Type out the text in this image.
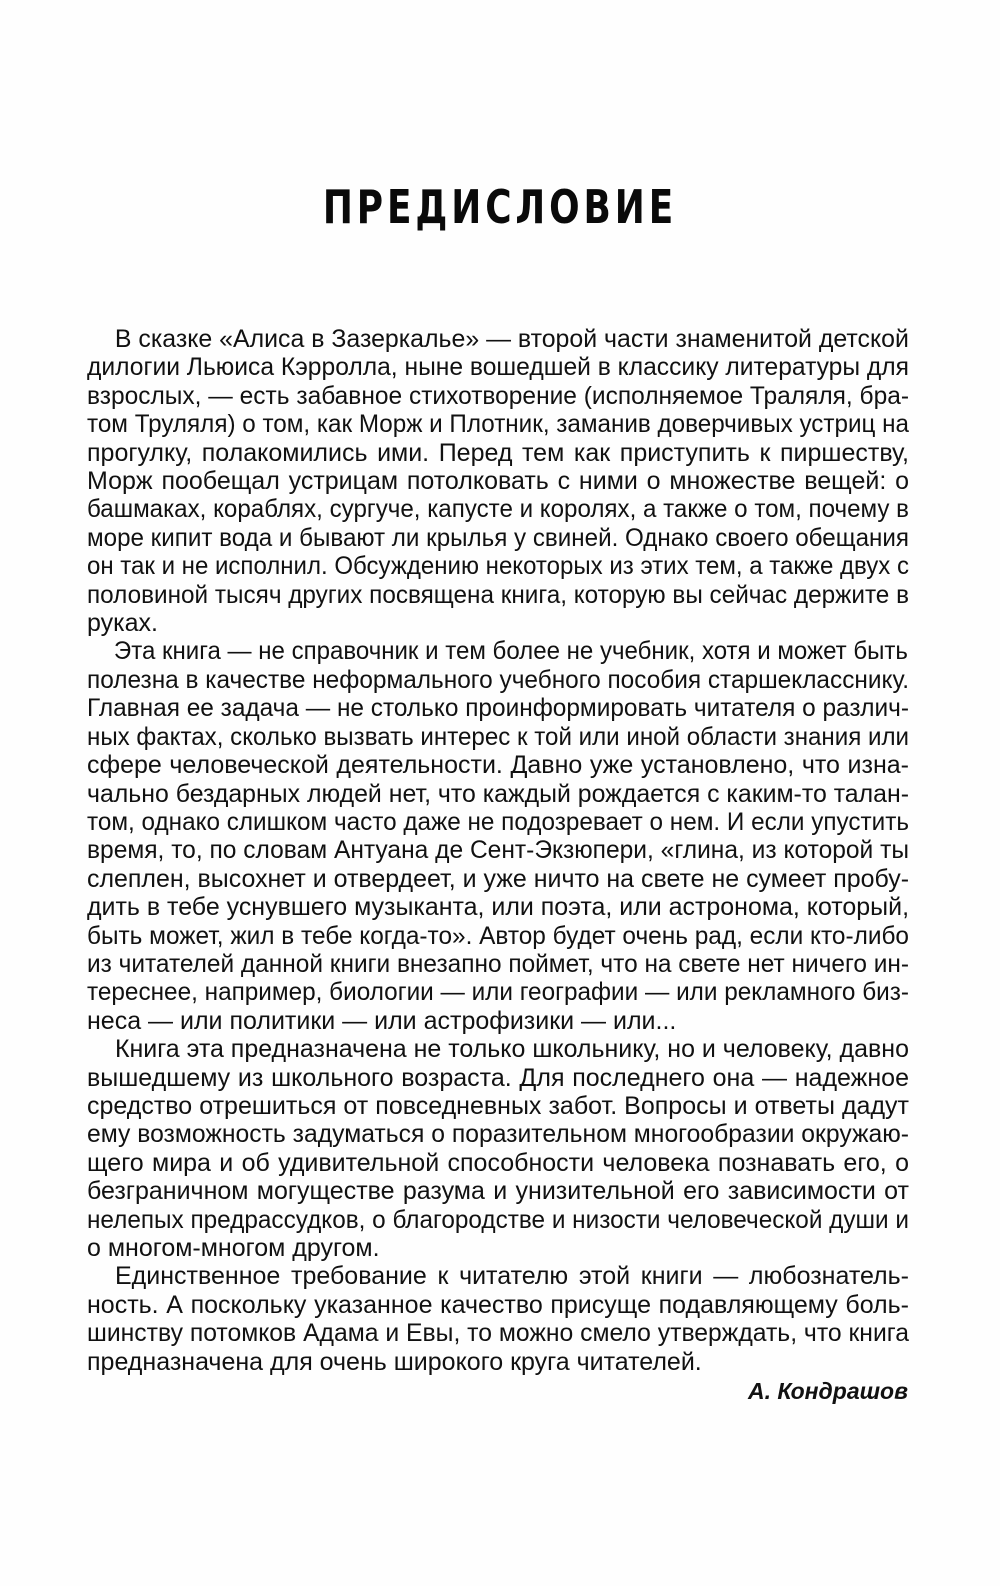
ПРЕДИСЛОВИЕ
В сказке «Алиса в Зазеркалье» — второй части знаменитой детской
дилогии Льюиса Кэрролла, ныне вошедшей в классику литературы для
взрослых, — есть забавное стихотворение (исполняемое Траляля, бра-
том Труляля) о том, как Морж и Плотник, заманив доверчивых устриц на
прогулку, полакомились ими. Перед тем как приступить к пиршеству,
Морж пообещал устрицам потолковать с ними о множестве вещей: о
башмаках, кораблях, сургуче, капусте и королях, а также о том, почему в
море кипит вода и бывают ли крылья у свиней. Однако своего обещания
он так и не исполнил. Обсуждению некоторых из этих тем, а также двух с
половиной тысяч других посвящена книга, которую вы сейчас держите в
руках.
Эта книга — не справочник и тем более не учебник, хотя и может быть
полезна в качестве неформального учебного пособия старшекласснику.
Главная ее задача — не столько проинформировать читателя о различ-
ных фактах, сколько вызвать интерес к той или иной области знания или
сфере человеческой деятельности. Давно уже установлено, что изна-
чально бездарных людей нет, что каждый рождается с каким-то талан-
том, однако слишком часто даже не подозревает о нем. И если упустить
время, то, по словам Антуана де Сент-Экзюпери, «глина, из которой ты
слеплен, высохнет и отвердеет, и уже ничто на свете не сумеет пробу-
дить в тебе уснувшего музыканта, или поэта, или астронома, который,
быть может, жил в тебе когда-то». Автор будет очень рад, если кто-либо
из читателей данной книги внезапно поймет, что на свете нет ничего ин-
тереснее, например, биологии — или географии — или рекламного биз-
неса — или политики — или астрофизики — или...
Книга эта предназначена не только школьнику, но и человеку, давно
вышедшему из школьного возраста. Для последнего она — надежное
средство отрешиться от повседневных забот. Вопросы и ответы дадут
ему возможность задуматься о поразительном многообразии окружаю-
щего мира и об удивительной способности человека познавать его, о
безграничном могуществе разума и унизительной его зависимости от
нелепых предрассудков, о благородстве и низости человеческой души и
о многом-многом другом.
Единственное требование к читателю этой книги — любознатель-
ность. А поскольку указанное качество присуще подавляющему боль-
шинству потомков Адама и Евы, то можно смело утверждать, что книга
предназначена для очень широкого круга читателей.
А. Кондрашов
